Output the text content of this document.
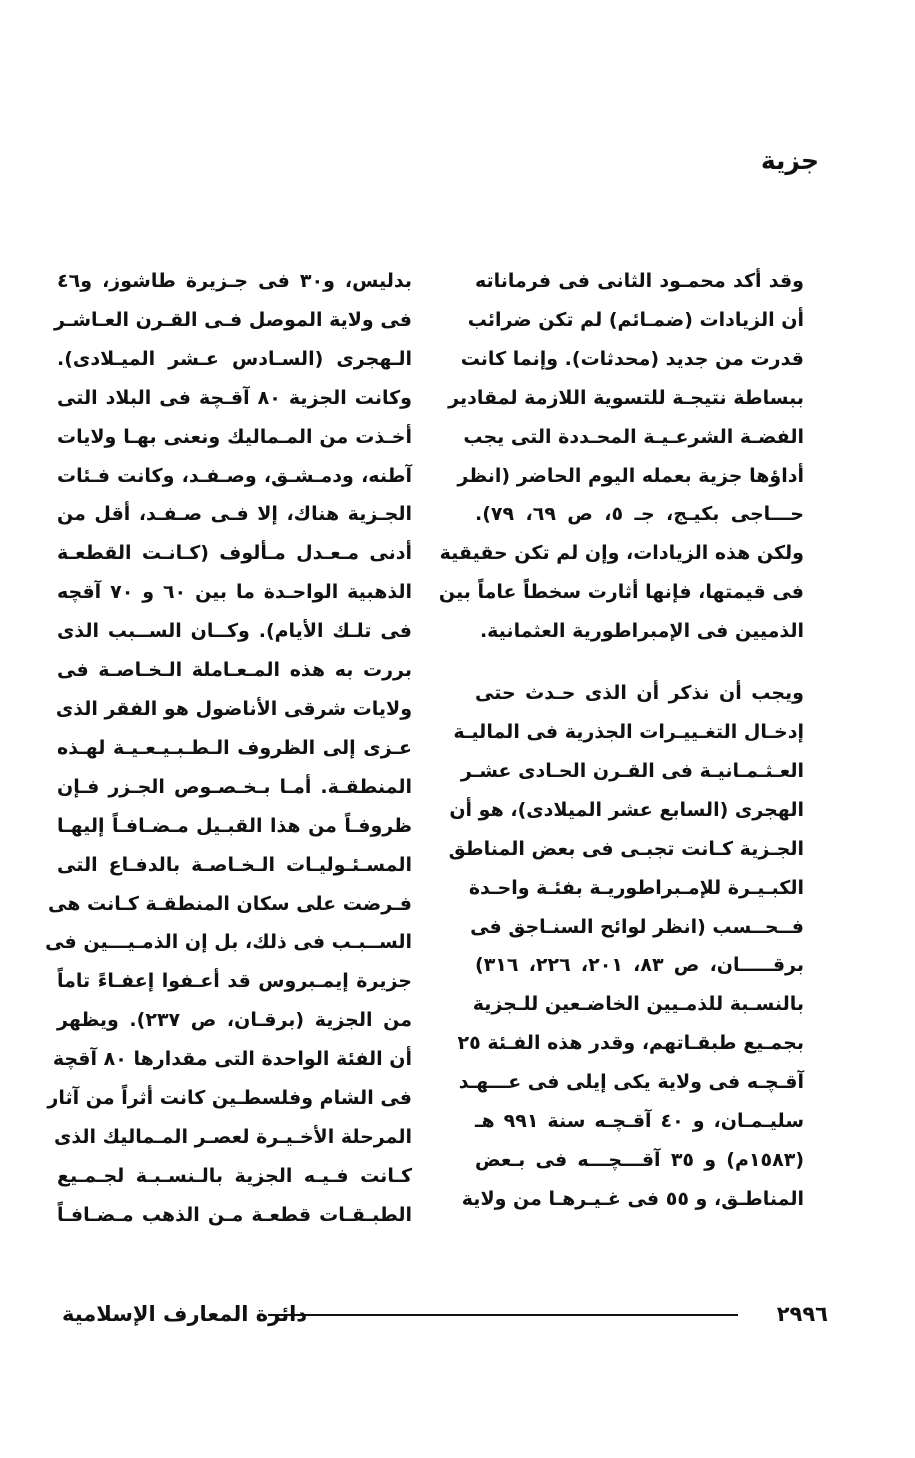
جزية

وقد أكد محمـود الثانى فى فرماناته
أن الزيادات (ضمـائم) لم تكن ضرائب
قدرت من جديد (محدثات). وإنما كانت
ببساطة نتيجـة للتسوية اللازمة لمقادير
الفضـة الشرعـيـة المحـددة التى يجب
أداؤها جزية بعمله اليوم الحاضر (انظر
حـــاجى بكيـج، جـ ٥، ص ٦٩، ٧٩).
ولكن هذه الزيادات، وإن لم تكن حقيقية
فى قيمتها، فإنها أثارت سخطاً عاماً بين
الذميين فى الإمبراطورية العثمانية.

ويجب أن نذكر أن الذى حـدث حتى
إدخـال التغـييـرات الجذرية فى الماليـة
العـثـمـانيـة فى القـرن الحـادى عشـر
الهجرى (السابع عشر الميلادى)، هو أن
الجـزية كـانت تجبـى فى بعض المناطق
الكبـيـرة للإمـبراطوريـة بفئـة واحـدة
فــحــسب (انظر لوائح السنـاجق فى
برقـــــان، ص ٨٣، ٢٠١، ٢٢٦، ٣١٦)
بالنسـبة للذمـيين الخاضـعين للـجزية
بجمـيع طبقـاتهم، وقدر هذه الفـئة ٢٥
آقـچـه فى ولاية يكى إيلى فى عـــهـد
سليـمـان، و ٤٠ آقـچـه سنة ٩٩١ هـ
(١٥٨٣م) و ٣٥ آقـــچـــه فى بـعض
المناطـق، و ٥٥ فى غـيـرهـا من ولاية

بدليس، و٣٠ فى جـزيرة طاشوز، و٤٦
فى ولاية الموصل فـى القـرن العـاشـر
الـهجرى (السـادس عـشر الميـلادى).
وكانت الجزية ٨٠ آقـچة فى البلاد التى
أخـذت من المـماليك ونعنى بهـا ولايات
آطنه، ودمـشـق، وصـفـد، وكانت فـئات
الجـزية هناك، إلا فـى صـفـد، أقل من
أدنى مـعـدل مـألوف (كـانـت القطعـة
الذهبية الواحـدة ما بين ٦٠ و ٧٠ آقچه
فى تلـك الأيام). وكــان الســبب الذى
بررت به هذه المـعـاملة الـخـاصـة فى
ولايات شرقى الأناضول هو الفقر الذى
عـزى إلى الظروف الـطـبـيـعـيـة لهـذه
المنطقـة. أمـا بـخـصـوص الجـزر فـإن
ظروفـاً من هذا القبـيل مـضـافـاً إليهـا
المسـئـوليـات الـخـاصـة بالدفـاع التى
فـرضت على سكان المنطقـة كـانت هى
الســبـب فى ذلك، بل إن الذمـيـــين فى
جزيرة إيمـبروس قد أعـفوا إعفـاءً تاماً
من الجزية (برقـان، ص ٢٣٧). ويظهر
أن الفئة الواحدة التى مقدارها ٨٠ آقچة
فى الشام وفلسطـين كانت أثراً من آثار
المرحلة الأخـيـرة لعصـر المـماليك الذى
كـانت فـيـه الجزية بالـنسـبـة لجـمـيع
الطبـقـات قطعـة مـن الذهب مـضـافـاً

٢٩٩٦
دائرة المعارف الإسلامية
